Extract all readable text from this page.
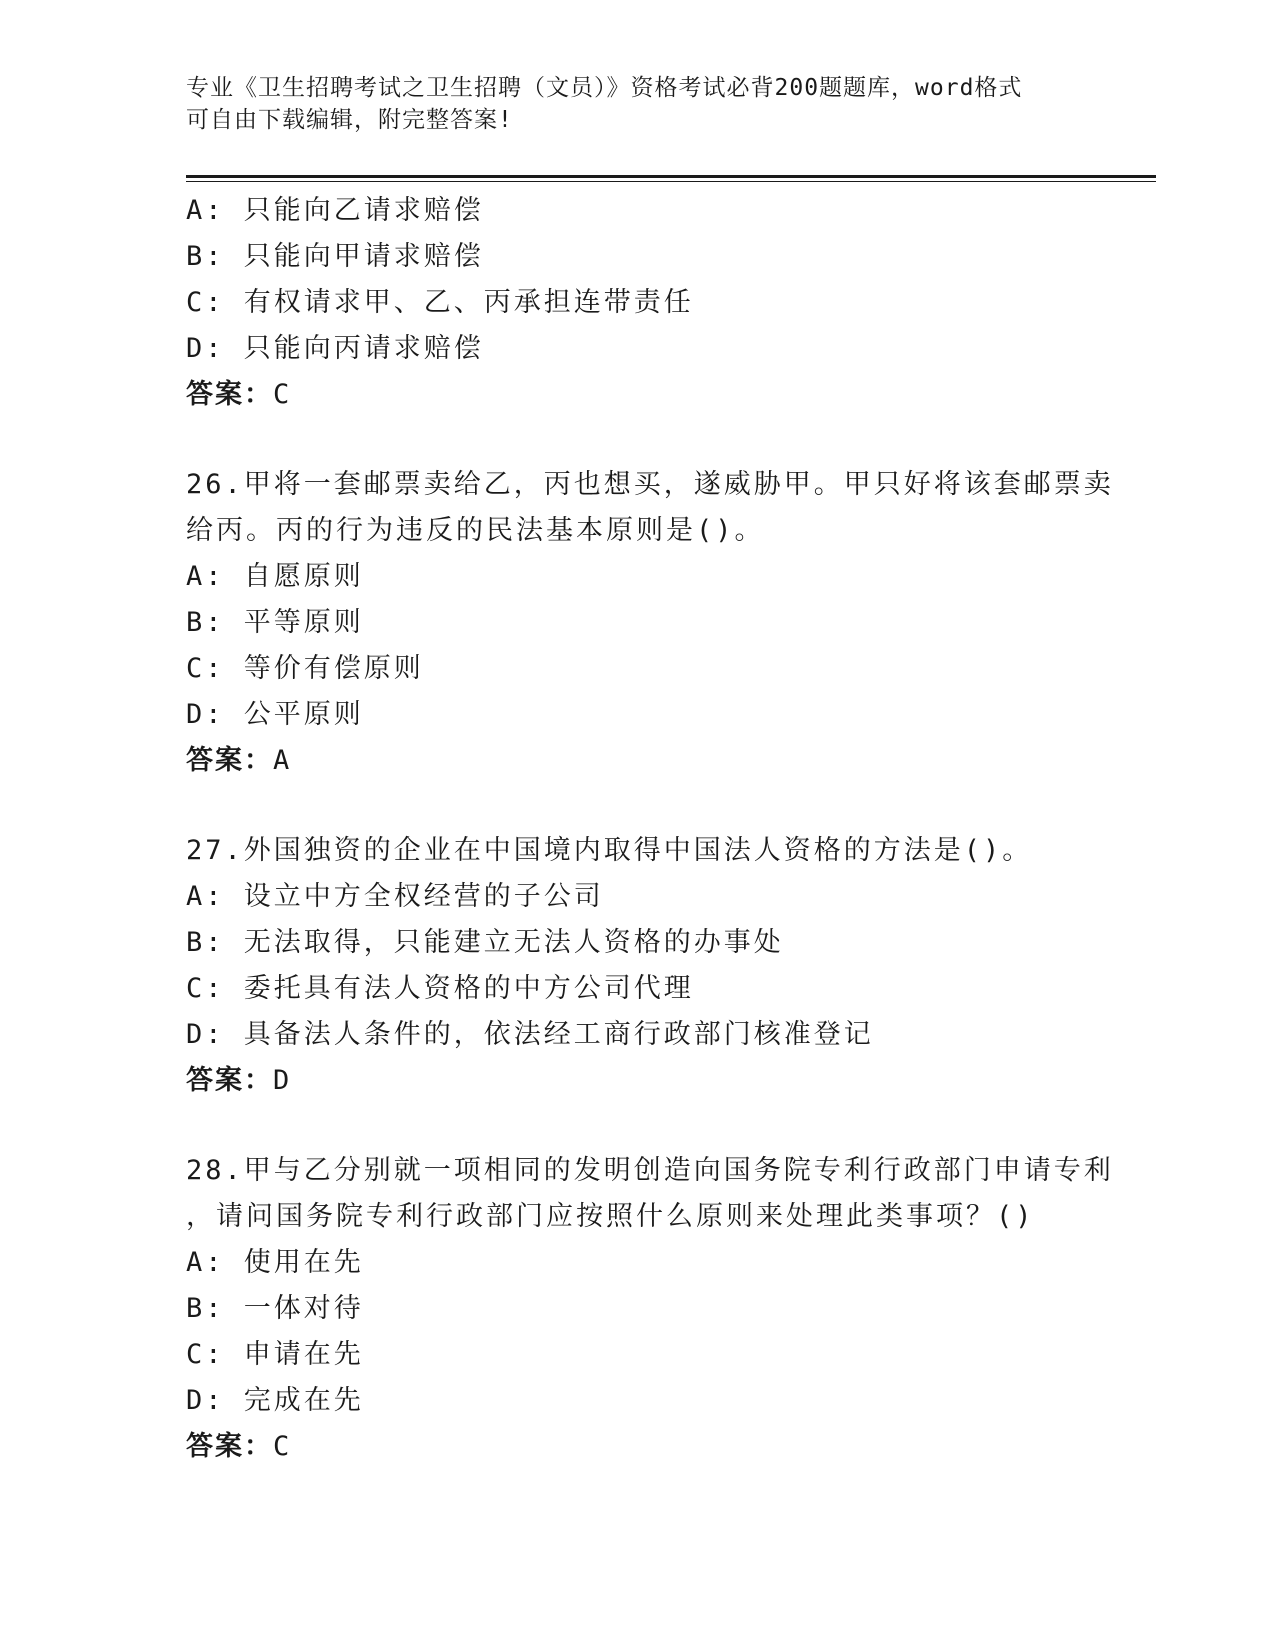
专业《卫生招聘考试之卫生招聘（文员）》资格考试必背200题题库，word格式
可自由下载编辑，附完整答案!
A: 只能向乙请求赔偿
B: 只能向甲请求赔偿
C: 有权请求甲、乙、丙承担连带责任
D: 只能向丙请求赔偿
答案：C
26.甲将一套邮票卖给乙，丙也想买，遂威胁甲。甲只好将该套邮票卖
给丙。丙的行为违反的民法基本原则是()。
A: 自愿原则
B: 平等原则
C: 等价有偿原则
D: 公平原则
答案：A
27.外国独资的企业在中国境内取得中国法人资格的方法是()。
A: 设立中方全权经营的子公司
B: 无法取得，只能建立无法人资格的办事处
C: 委托具有法人资格的中方公司代理
D: 具备法人条件的，依法经工商行政部门核准登记
答案：D
28.甲与乙分别就一项相同的发明创造向国务院专利行政部门申请专利
，请问国务院专利行政部门应按照什么原则来处理此类事项？()
A: 使用在先
B: 一体对待
C: 申请在先
D: 完成在先
答案：C
